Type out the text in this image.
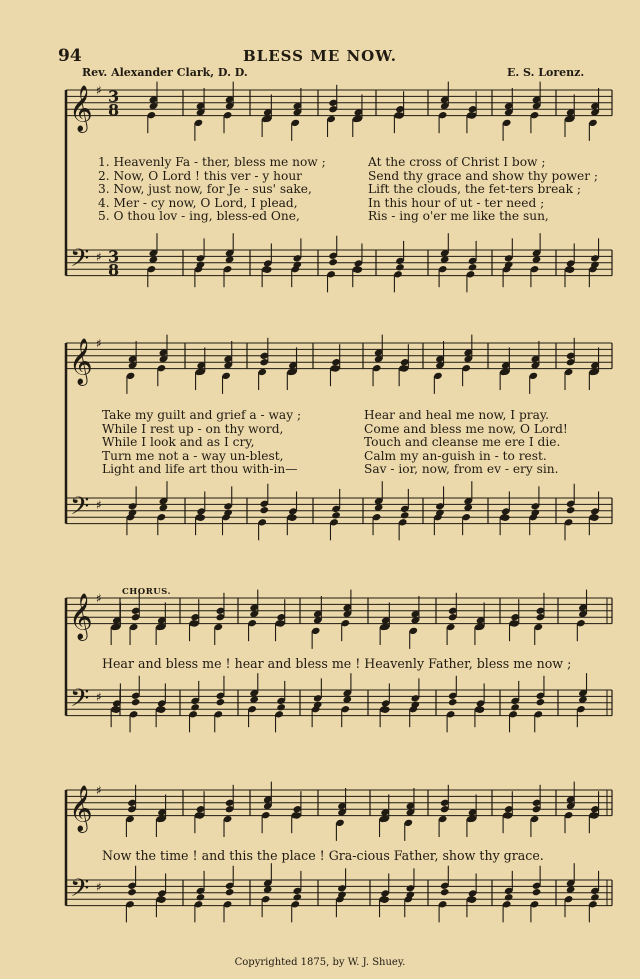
94	BLESS ME NOW.
Rev. Alexander Clark, D. D.	E. S. Lorenz.
𝄞
𝄢
♯
♯
3
8
3
8
𝄞
𝄢
♯
♯
𝄞
𝄢
♯
♯
𝄞
𝄢
♯
♯
1. Heavenly Fa - ther, bless me now ;
2. Now, O Lord ! this ver - y hour
3. Now, just now, for Je - sus' sake,
4. Mer - cy now, O Lord, I plead,
5. O thou lov - ing, bless-ed One,
At the cross of Christ I bow ;
Send thy grace and show thy power ;
Lift the clouds, the fet-ters break ;
In this hour of ut - ter need ;
Ris - ing o'er me like the sun,
Take my guilt and grief a - way ;
While I rest up - on thy word,
While I look and as I cry,
Turn me not a - way un-blest,
Light and life art thou with-in—
Hear and heal me now, I pray.
Come and bless me now, O Lord!
Touch and cleanse me ere I die.
Calm my an-guish in - to rest.
Sav - ior, now, from ev - ery sin.
CHORUS.
Hear and bless me ! hear and bless me ! Heavenly Father, bless me now ;
Now the time ! and this the place ! Gra-cious Father, show thy grace.
Copyrighted 1875, by W. J. Shuey.
